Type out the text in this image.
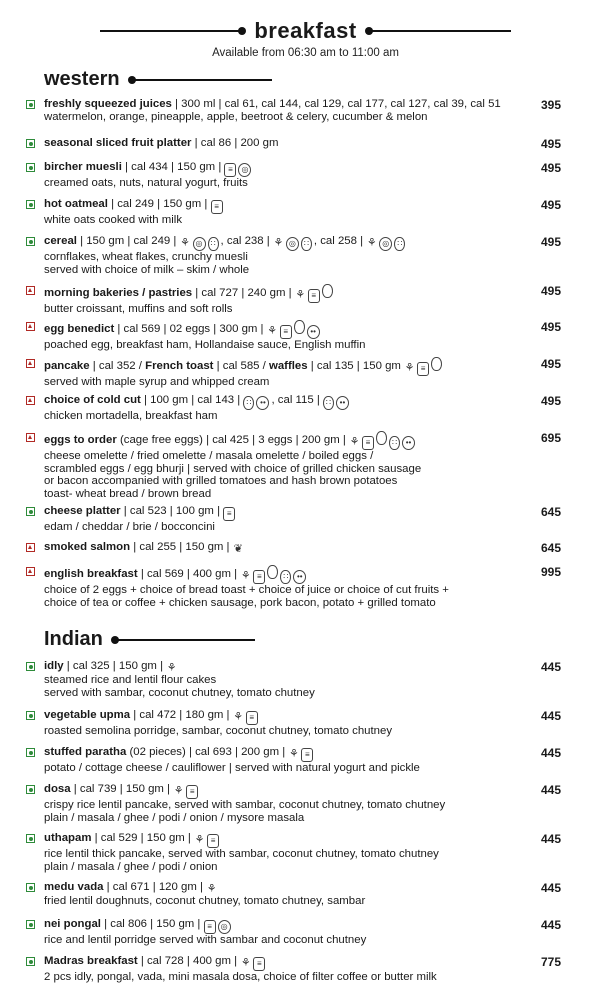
breakfast
Available from 06:30 am to 11:00 am
western
Indian
freshly squeezed juices | 300 ml | cal 61, cal 144, cal 129, cal 177, cal 127, cal 39, cal 51
watermelon, orange, pineapple, apple, beetroot & celery, cucumber & melon
395
seasonal sliced fruit platter | cal 86 | 200 gm	495
bircher muesli | cal 434 | 150 gm | ≡ ◎
creamed oats, nuts, natural yogurt, fruits
495
hot oatmeal | cal 249 | 150 gm | ≡
white oats cooked with milk
495
cereal | 150 gm | cal 249 | ⚘ ◎ ∷ , cal 238 | ⚘ ◎ ∷ , cal 258 | ⚘ ◎ ∷
cornflakes, wheat flakes, crunchy muesli
served with choice of milk – skim / whole
495
morning bakeries / pastries | cal 727 | 240 gm | ⚘ ≡
butter croissant, muffins and soft rolls
495
egg benedict | cal 569 | 02 eggs | 300 gm | ⚘ ≡	••
poached egg, breakfast ham, Hollandaise sauce, English muffin
495
pancake | cal 352 / French toast | cal 585 / waffles | cal 135 | 150 gm ⚘ ≡
served with maple syrup and whipped cream
495
choice of cold cut | 100 gm | cal 143 | ∷ •• , cal 115 | ∷ ••
chicken mortadella, breakfast ham
495
eggs to order (cage free eggs) | cal 425 | 3 eggs | 200 gm | ⚘ ≡	∷ ••
cheese omelette / fried omelette / masala omelette / boiled eggs /
scrambled eggs / egg bhurji | served with choice of grilled chicken sausage
or bacon accompanied with grilled tomatoes and hash brown potatoes
toast- wheat bread / brown bread
695
cheese platter | cal 523 | 100 gm | ≡
edam / cheddar / brie / bocconcini
645
smoked salmon | cal 255 | 150 gm | ❦	645
english breakfast | cal 569 | 400 gm | ⚘ ≡	∷ ••
choice of 2 eggs + choice of bread toast + choice of juice or choice of cut fruits +
choice of tea or coffee + chicken sausage, pork bacon, potato + grilled tomato
995
idly | cal 325 | 150 gm | ⚘
steamed rice and lentil flour cakes
served with sambar, coconut chutney, tomato chutney
445
vegetable upma | cal 472 | 180 gm | ⚘ ≡
roasted semolina porridge, sambar, coconut chutney, tomato chutney
445
stuffed paratha (02 pieces) | cal 693 | 200 gm | ⚘ ≡
potato / cottage cheese / cauliflower | served with natural yogurt and pickle
445
dosa | cal 739 | 150 gm | ⚘ ≡
crispy rice lentil pancake, served with sambar, coconut chutney, tomato chutney
plain / masala / ghee / podi / onion / mysore masala
445
uthapam | cal 529 | 150 gm | ⚘ ≡
rice lentil thick pancake, served with sambar, coconut chutney, tomato chutney
plain / masala / ghee / podi / onion
445
medu vada | cal 671 | 120 gm | ⚘
fried lentil doughnuts, coconut chutney, tomato chutney, sambar
445
nei pongal | cal 806 | 150 gm | ≡ ◎
rice and lentil porridge served with sambar and coconut chutney
445
Madras breakfast | cal 728 | 400 gm | ⚘ ≡
2 pcs idly, pongal, vada, mini masala dosa, choice of filter coffee or butter milk
775
